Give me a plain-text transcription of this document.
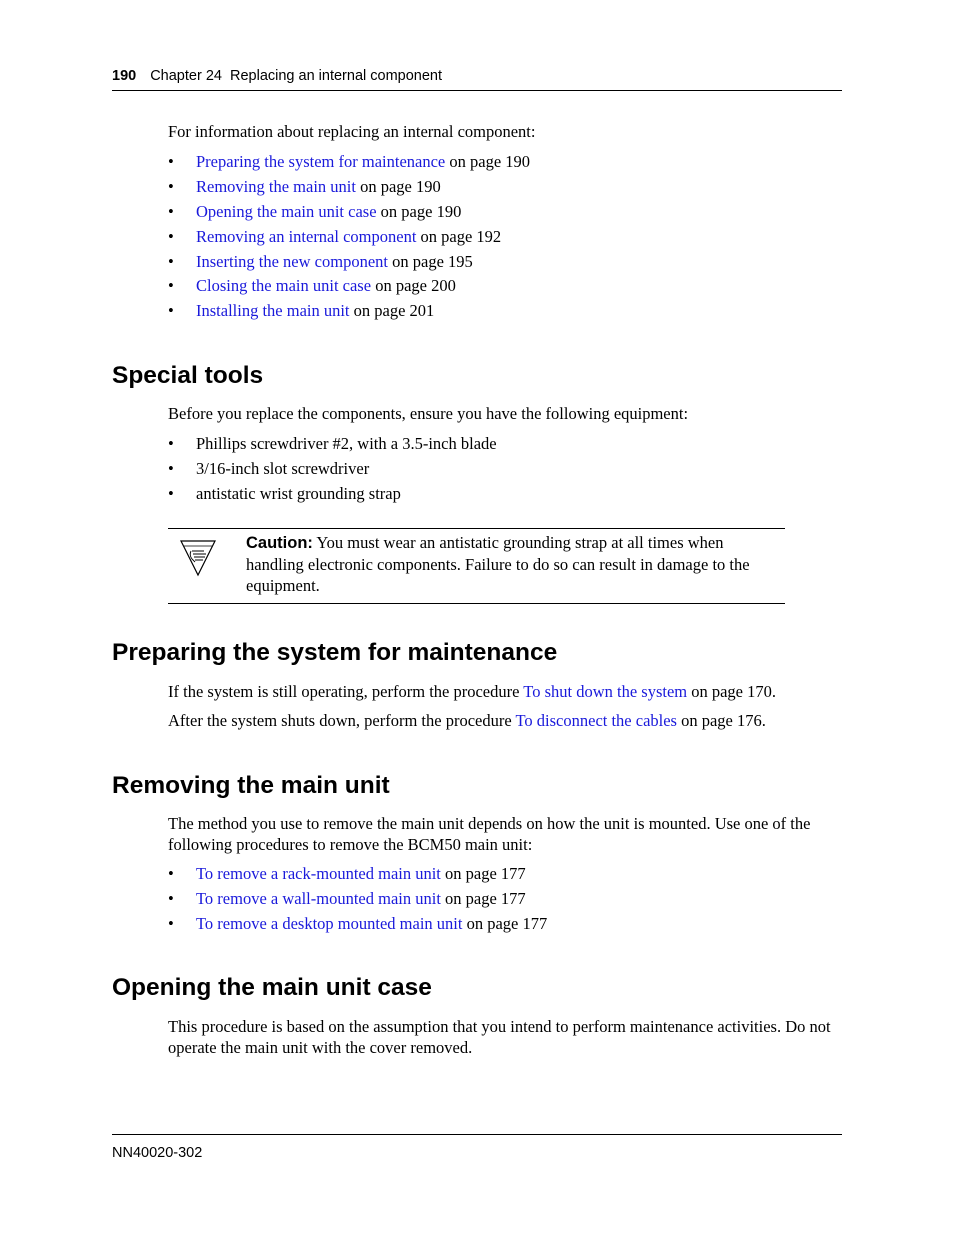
190 Chapter 24  Replacing an internal component

For information about replacing an internal component:

• Preparing the system for maintenance on page 190
• Removing the main unit on page 190
• Opening the main unit case on page 190
• Removing an internal component on page 192
• Inserting the new component on page 195
• Closing the main unit case on page 200
• Installing the main unit on page 201
Special tools

Before you replace the components, ensure you have the following equipment:

• Phillips screwdriver #2, with a 3.5-inch blade
• 3/16-inch slot screwdriver
• antistatic wrist grounding strap

Caution: You must wear an antistatic grounding strap at all times when handling electronic components. Failure to do so can result in damage to the equipment.

Preparing the system for maintenance

If the system is still operating, perform the procedure To shut down the system on page 170.

After the system shuts down, perform the procedure To disconnect the cables on page 176.

Removing the main unit

The method you use to remove the main unit depends on how the unit is mounted. Use one of the following procedures to remove the BCM50 main unit:

• To remove a rack-mounted main unit on page 177
• To remove a wall-mounted main unit on page 177
• To remove a desktop mounted main unit on page 177
Opening the main unit case

This procedure is based on the assumption that you intend to perform maintenance activities. Do not operate the main unit with the cover removed.

NN40020-302
